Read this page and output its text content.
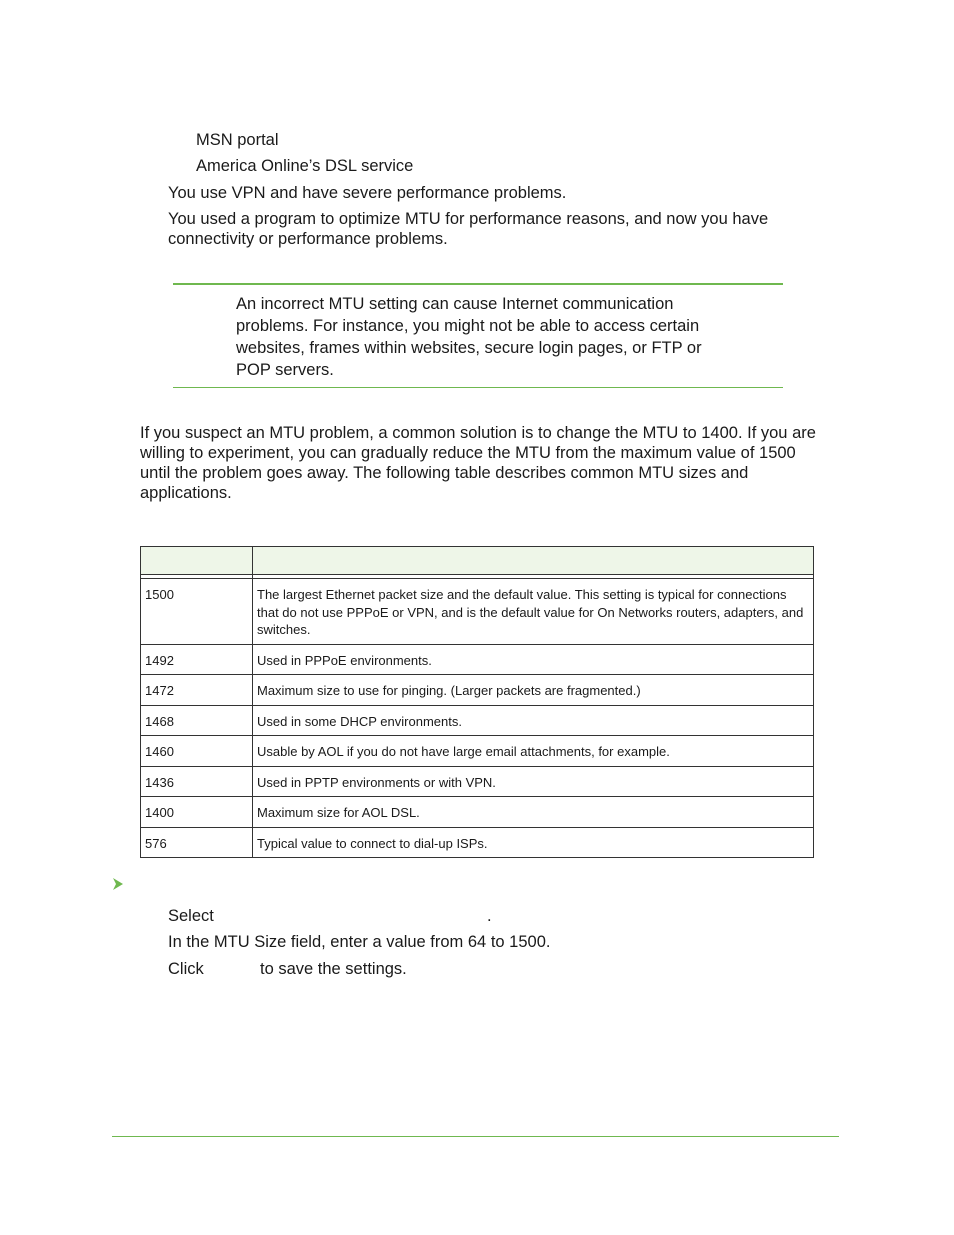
MSN portal
America Online’s DSL service
You use VPN and have severe performance problems.
You used a program to optimize MTU for performance reasons, and now you have
connectivity or performance problems.
An incorrect MTU setting can cause Internet communication
problems. For instance, you might not be able to access certain
websites, frames within websites, secure login pages, or FTP or
POP servers.
If you suspect an MTU problem, a common solution is to change the MTU to 1400. If you are
willing to experiment, you can gradually reduce the MTU from the maximum value of 1500
until the problem goes away. The following table describes common MTU sizes and
applications.

1500	The largest Ethernet packet size and the default value. This setting is typical for connections that do not use PPPoE or VPN, and is the default value for On Networks routers, adapters, and switches.
1492	Used in PPPoE environments.
1472	Maximum size to use for pinging. (Larger packets are fragmented.)
1468	Used in some DHCP environments.
1460	Usable by AOL if you do not have large email attachments, for example.
1436	Used in PPTP environments or with VPN.
1400	Maximum size for AOL DSL.
576	Typical value to connect to dial-up ISPs.
Select	.
In the MTU Size field, enter a value from 64 to 1500.
Click	to save the settings.
